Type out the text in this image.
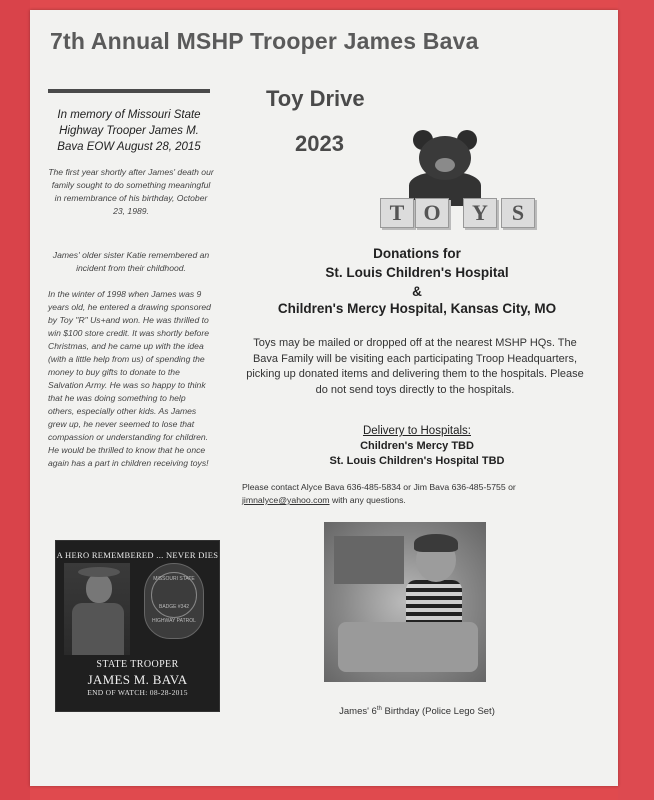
7th Annual MSHP Trooper James Bava
Toy Drive
2023
In memory of Missouri State Highway Trooper James M. Bava EOW August 28, 2015
The first year shortly after James' death our family sought to do something meaningful in remembrance of his birthday, October 23, 1989.
James' older sister Katie remembered an incident from their childhood.
In the winter of 1998 when James was 9 years old, he entered a drawing sponsored by Toy "R" Us+and won. He was thrilled to win $100 store credit. It was shortly before Christmas, and he came up with the idea (with a little help from us) of spending the money to buy gifts to donate to the Salvation Army. He was so happy to think that he was doing something to help others, especially other kids. As James grew up, he never seemed to lose that compassion or understanding for children. He would be thrilled to know that he once again has a part in children receiving toys!
A HERO REMEMBERED ... NEVER DIES
MISSOURI STATE
BADGE #342
HIGHWAY PATROL
STATE TROOPER
JAMES M. BAVA
END OF WATCH: 08-28-2015
T O	Y	S
Donations for
St. Louis Children's Hospital
&
Children's Mercy Hospital, Kansas City, MO
Toys may be mailed or dropped off at the nearest MSHP HQs. The Bava Family will be visiting each participating Troop Headquarters, picking up donated items and delivering them to the hospitals. Please do not send toys directly to the hospitals.
Delivery to Hospitals:
Children's Mercy TBD
St. Louis Children's Hospital TBD
Please contact Alyce Bava 636-485-5834 or Jim Bava 636-485-5755 or jimnalyce@yahoo.com with any questions.
James' 6th Birthday (Police Lego Set)
